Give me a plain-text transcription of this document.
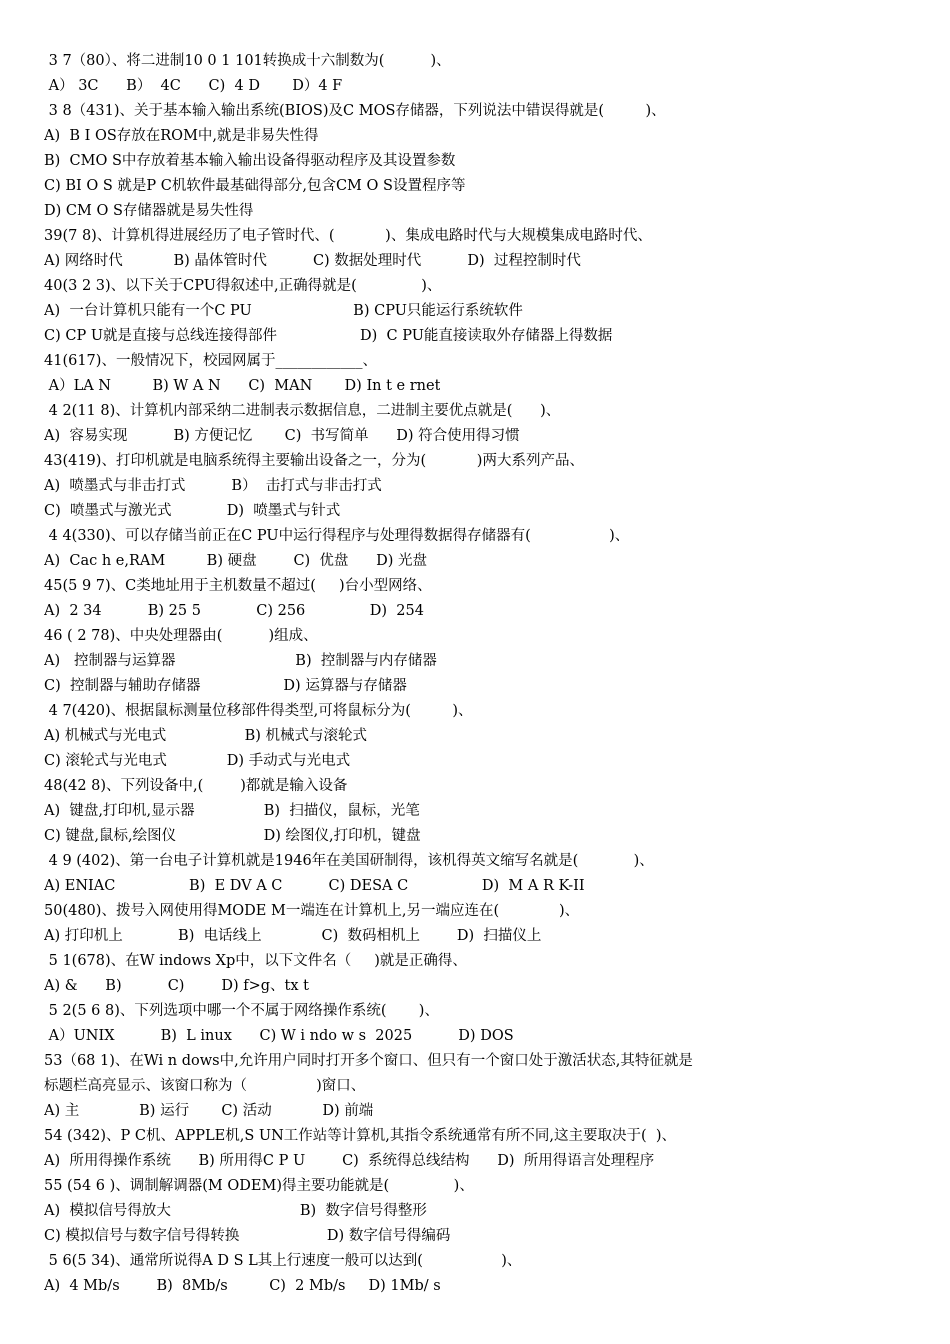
3 7（80）、将二进制10 0 1 101转换成十六制数为(          )、
A） 3C      B）  4C      C)  4 D       D）4 F
3 8（431)、关于基本输入输出系统(BIOS)及C MOS存储器，下列说法中错误得就是(         )、
A)  B I OS存放在ROM中,就是非易失性得
B)  CMO S中存放着基本输入输出设备得驱动程序及其设置参数
C) BI O S 就是P C机软件最基础得部分,包含CM O S设置程序等
D) CM O S存储器就是易失性得
39(7 8)、计算机得进展经历了电子管时代、(           )、集成电路时代与大规模集成电路时代、
A) 网络时代           B) 晶体管时代          C) 数据处理时代          D)  过程控制时代
40(3 2 3)、以下关于CPU得叙述中,正确得就是(              )、
A)  一台计算机只能有一个C PU                      B) CPU只能运行系统软件
C) CP U就是直接与总线连接得部件                  D)  C PU能直接读取外存储器上得数据
41(617)、一般情况下，校园网属于____________、
A）LA N         B) W A N      C)  MAN       D) In t e rnet
4 2(11 8)、计算机内部采纳二进制表示数据信息，二进制主要优点就是(      )、
A)  容易实现          B) 方便记忆       C)  书写简单      D) 符合使用得习惯
43(419)、打印机就是电脑系统得主要输出设备之一，分为(           )两大系列产品、
A)  喷墨式与非击打式          B）  击打式与非击打式
C)  喷墨式与激光式            D)  喷墨式与针式
4 4(330)、可以存储当前正在C PU中运行得程序与处理得数据得存储器有(                 )、
A)  Cac h e,RAM         B) 硬盘        C)  优盘      D) 光盘
45(5 9 7)、C类地址用于主机数量不超过(     )台小型网络、
A)  2 34          B) 25 5            C) 256              D)  254
46 ( 2 78)、中央处理器由(          )组成、
A)   控制器与运算器                          B)  控制器与内存储器
C)  控制器与辅助存储器                  D) 运算器与存储器
4 7(420)、根据鼠标测量位移部件得类型,可将鼠标分为(         )、
A) 机械式与光电式                 B) 机械式与滚轮式
C) 滚轮式与光电式             D) 手动式与光电式
48(42 8)、下列设备中,(        )都就是输入设备
A)  键盘,打印机,显示器               B)  扫描仪，鼠标，光笔
C) 键盘,鼠标,绘图仪                   D) 绘图仪,打印机，键盘
4 9 (402)、第一台电子计算机就是1946年在美国研制得，该机得英文缩写名就是(            )、
A) ENIAC                B)  E DV A C          C) DESA C                D)  M A R K-II
50(480)、拨号入网使用得MODE M一端连在计算机上,另一端应连在(             )、
A) 打印机上            B)  电话线上             C)  数码相机上        D)  扫描仪上
5 1(678)、在W indows Xp中，以下文件名（     )就是正确得、
A) &      B)          C)        D) f>g、tx t
5 2(5 6 8)、下列选项中哪一个不属于网络操作系统(       )、
A）UNIX          B)  L inux      C) W i ndo w s  2025          D) DOS
53（68 1)、在Wi n dows中,允许用户同时打开多个窗口、但只有一个窗口处于激活状态,其特征就是
标题栏高亮显示、该窗口称为（               )窗口、
A) 主             B) 运行       C) 活动           D) 前端
54 (342)、P C机、APPLE机,S UN工作站等计算机,其指令系统通常有所不同,这主要取决于(  )、
A)  所用得操作系统      B) 所用得C P U        C)  系统得总线结构      D)  所用得语言处理程序
55 (54 6 )、调制解调器(M ODEM)得主要功能就是(              )、
A)  模拟信号得放大                            B)  数字信号得整形
C) 模拟信号与数字信号得转换                   D) 数字信号得编码
5 6(5 34)、通常所说得A D S L其上行速度一般可以达到(                 )、
A)  4 Mb/s        B)  8Mb/s         C)  2 Mb/s     D) 1Mb/ s
